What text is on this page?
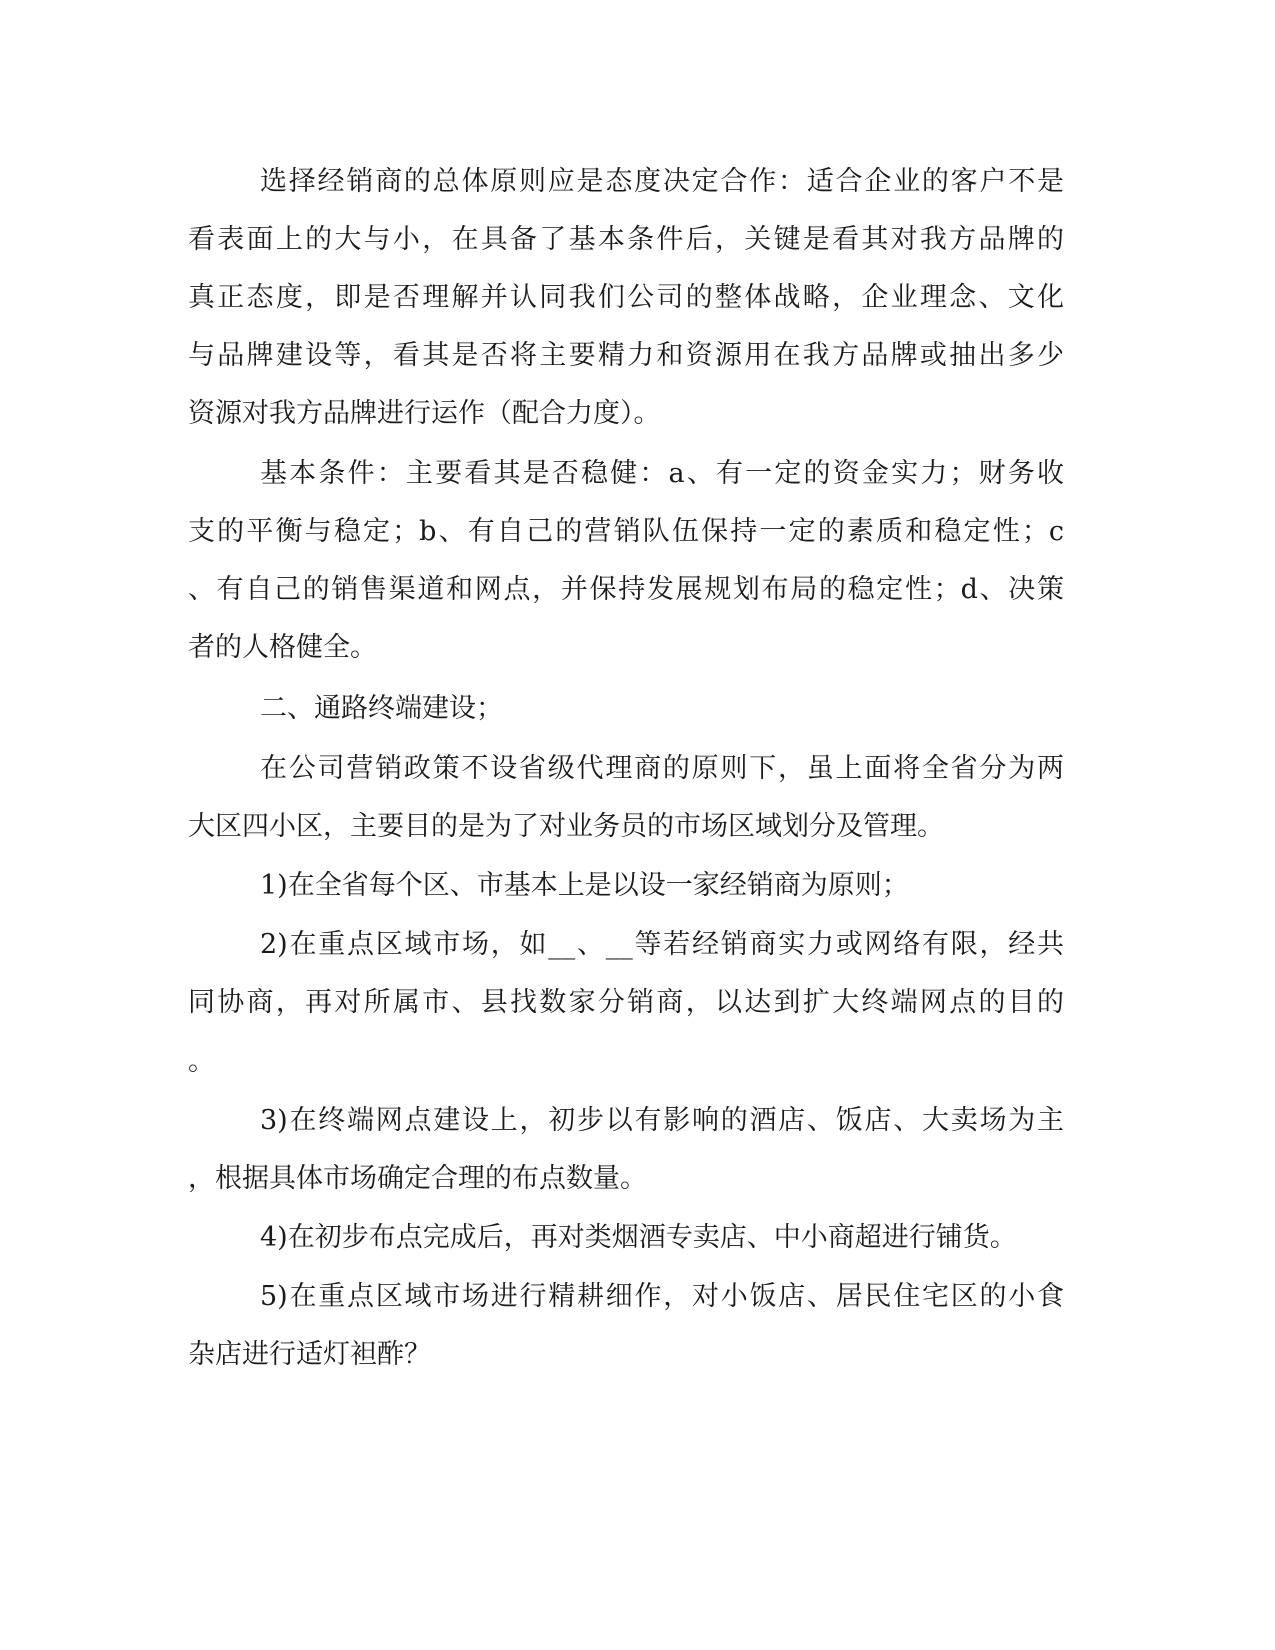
选择经销商的总体原则应是态度决定合作：适合企业的客户不是
看表面上的大与小，在具备了基本条件后，关键是看其对我方品牌的
真正态度，即是否理解并认同我们公司的整体战略，企业理念、文化
与品牌建设等，看其是否将主要精力和资源用在我方品牌或抽出多少
资源对我方品牌进行运作（配合力度）。
基本条件：主要看其是否稳健：a、有一定的资金实力；财务收
支的平衡与稳定；b、有自己的营销队伍保持一定的素质和稳定性；c
、有自己的销售渠道和网点，并保持发展规划布局的稳定性；d、决策
者的人格健全。
二、通路终端建设；
在公司营销政策不设省级代理商的原则下，虽上面将全省分为两
大区四小区，主要目的是为了对业务员的市场区域划分及管理。
1)在全省每个区、市基本上是以设一家经销商为原则；
2)在重点区域市场，如__、__等若经销商实力或网络有限，经共
同协商，再对所属市、县找数家分销商，以达到扩大终端网点的目的
。
3)在终端网点建设上，初步以有影响的酒店、饭店、大卖场为主
，根据具体市场确定合理的布点数量。
4)在初步布点完成后，再对类烟酒专卖店、中小商超进行铺货。
5)在重点区域市场进行精耕细作，对小饭店、居民住宅区的小食
杂店进行适灯袒酢？
